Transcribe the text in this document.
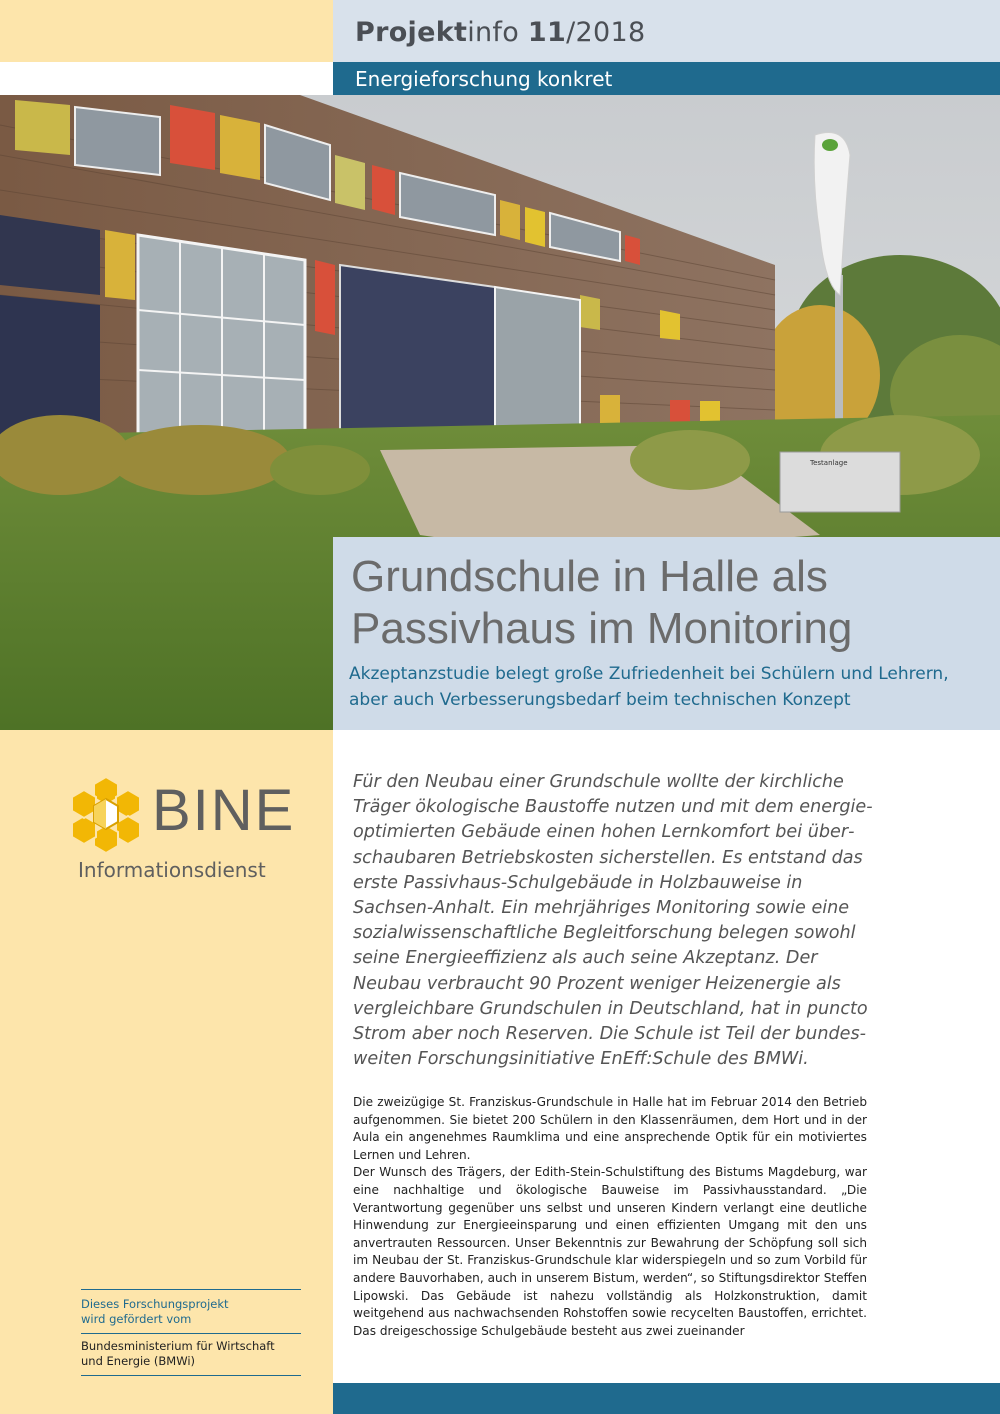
Projektinfo 11/2018
Energieforschung konkret
Testanlage
Grundschule in Halle als Passivhaus im Monitoring

Akzeptanzstudie belegt große Zufriedenheit bei Schülern und Lehrern, aber auch Verbesserungsbedarf beim technischen Konzept

BINE
Informationsdienst
Dieses Forschungsprojekt
wird gefördert vom
Bundesministerium für Wirtschaft
und Energie (BMWi)
Für den Neubau einer Grundschule wollte der kirchliche Träger ökologische Baustoffe nutzen und mit dem energieoptimierten Gebäude einen hohen Lernkomfort bei überschaubaren Betriebskosten sicherstellen. Es entstand das erste Passivhaus-Schulgebäude in Holzbauweise in Sachsen-Anhalt. Ein mehrjähriges Monitoring sowie eine sozialwissenschaftliche Begleitforschung belegen sowohl seine Energieeffizienz als auch seine Akzeptanz. Der Neubau verbraucht 90 Prozent weniger Heizenergie als vergleichbare Grundschulen in Deutschland, hat in puncto Strom aber noch Reserven. Die Schule ist Teil der bundesweiten Forschungsinitiative EnEff:Schule des BMWi.

Die zweizügige St. Franziskus-Grundschule in Halle hat im Februar 2014 den Betrieb aufgenommen. Sie bietet 200 Schülern in den Klassenräumen, dem Hort und in der Aula ein angenehmes Raumklima und eine ansprechende Optik für ein motiviertes Lernen und Lehren.

Der Wunsch des Trägers, der Edith-Stein-Schulstiftung des Bistums Magdeburg, war eine nachhaltige und ökologische Bauweise im Passivhausstandard. „Die Verantwortung gegenüber uns selbst und unseren Kindern verlangt eine deutliche Hinwendung zur Energieeinsparung und einen effizienten Umgang mit den uns anvertrauten Ressourcen. Unser Bekenntnis zur Bewahrung der Schöpfung soll sich im Neubau der St. Franziskus-Grundschule klar widerspiegeln und so zum Vorbild für andere Bauvorhaben, auch in unserem Bistum, werden“, so Stiftungsdirektor Steffen Lipowski. Das Gebäude ist nahezu vollständig als Holzkonstruktion, damit weitgehend aus nachwachsenden Rohstoffen sowie recycelten Baustoffen, errichtet. Das dreigeschossige Schulgebäude besteht aus zwei zueinander
